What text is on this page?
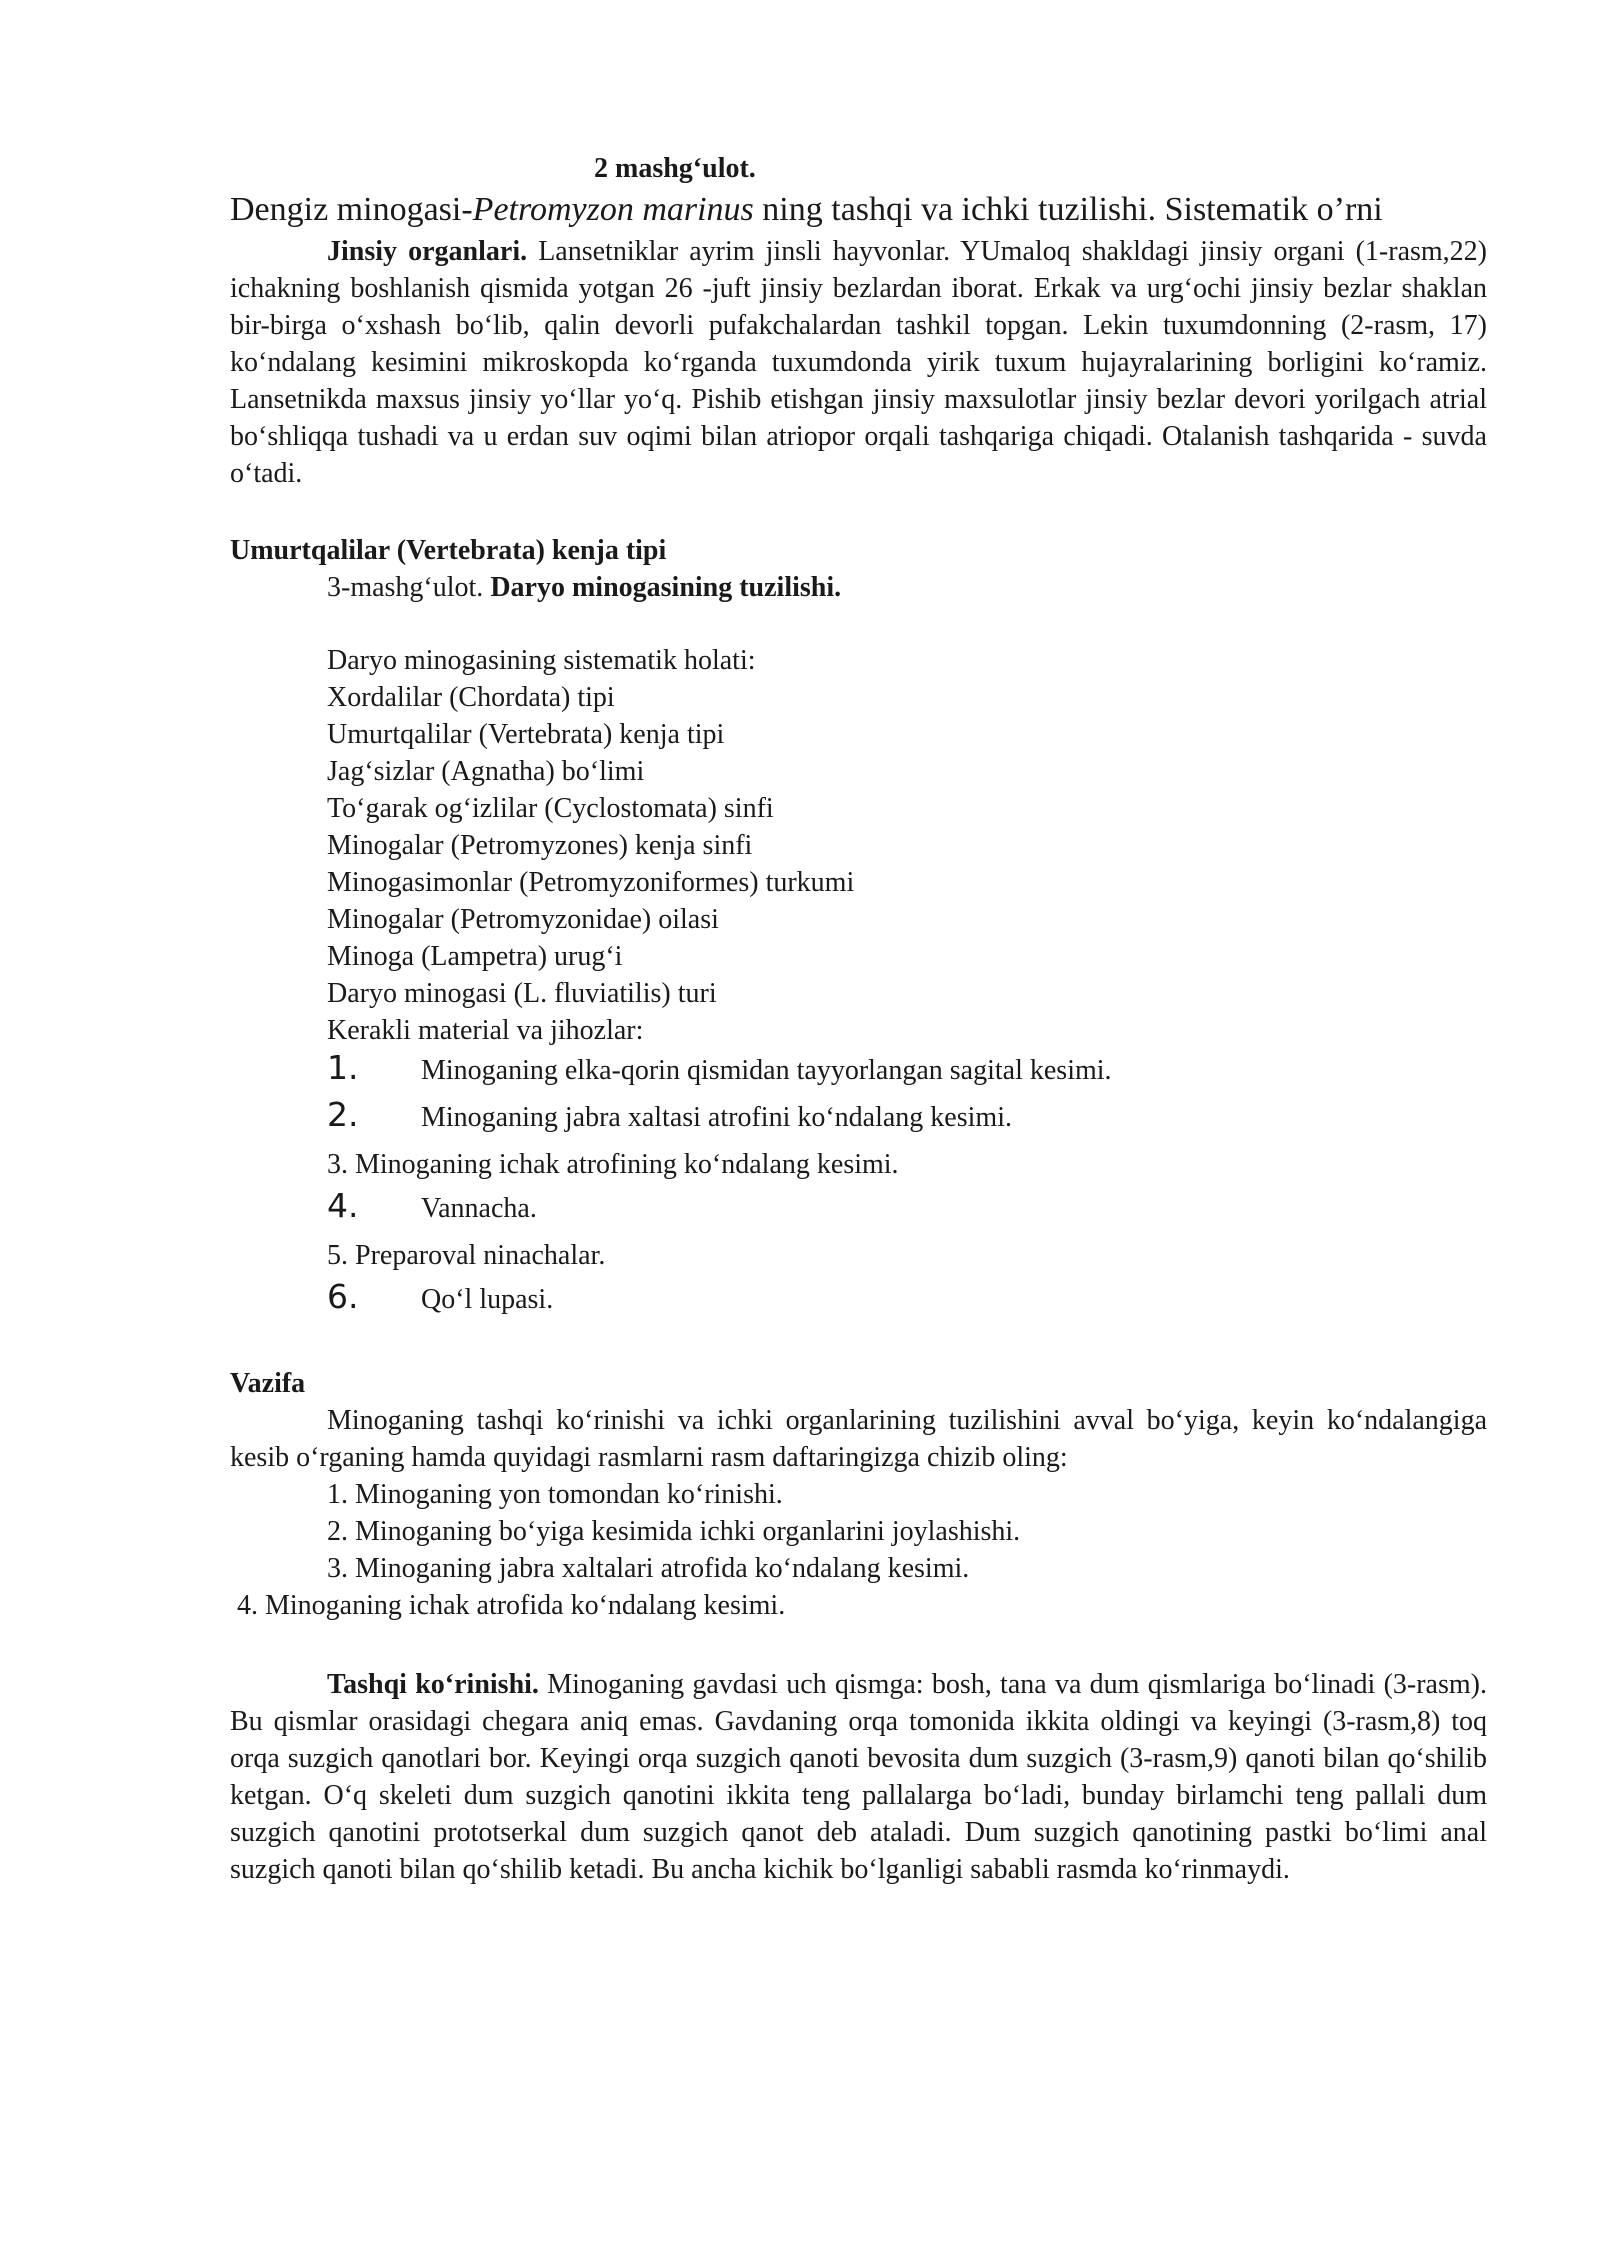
2 mashg‘ulot.

Dengiz minogasi-Petromyzon marinus ning tashqi va ichki tuzilishi. Sistematik o’rni

Jinsiy organlari. Lansetniklar ayrim jinsli hayvonlar. YUmaloq shakldagi jinsiy organi (1-rasm,22) ichakning boshlanish qismida yotgan 26 -juft jinsiy bezlardan iborat. Erkak va urg‘ochi jinsiy bezlar shaklan bir-birga o‘xshash bo‘lib, qalin devorli pufakchalardan tashkil topgan. Lekin tuxumdonning (2-rasm, 17) ko‘ndalang kesimini mikroskopda ko‘rganda tuxumdonda yirik tuxum hujayralarining borligini ko‘ramiz. Lansetnikda maxsus jinsiy yo‘llar yo‘q. Pishib etishgan jinsiy maxsulotlar jinsiy bezlar devori yorilgach atrial bo‘shliqqa tushadi va u erdan suv oqimi bilan atriopor orqali tashqariga chiqadi. Otalanish tashqarida - suvda o‘tadi.

Umurtqalilar (Vertebrata) kenja tipi

3-mashg‘ulot. Daryo minogasining tuzilishi.

Daryo minogasining sistematik holati:

Xordalilar (Chordata) tipi

Umurtqalilar (Vertebrata) kenja tipi

Jag‘sizlar (Agnatha) bo‘limi

To‘garak og‘izlilar (Cyclostomata) sinfi

Minogalar (Petromyzones) kenja sinfi

Minogasimonlar (Petromyzoniformes) turkumi

Minogalar (Petromyzonidae) oilasi

Minoga (Lampetra) urug‘i

Daryo minogasi (L. fluviatilis) turi

Kerakli material va jihozlar:

1.	Minoganing elka-qorin qismidan tayyorlangan sagital kesimi.
2.	Minoganing jabra xaltasi atrofini ko‘ndalang kesimi.

3. Minoganing ichak atrofining ko‘ndalang kesimi.

4.	Vannacha.

5. Preparoval ninachalar.

6.	Qo‘l lupasi.

Vazifa

Minoganing tashqi ko‘rinishi va ichki organlarining tuzilishini avval bo‘yiga, keyin ko‘ndalangiga kesib o‘rganing hamda quyidagi rasmlarni rasm daftaringizga chizib oling:

1. Minoganing yon tomondan ko‘rinishi.

2. Minoganing bo‘yiga kesimida ichki organlarini joylashishi.

3. Minoganing jabra xaltalari atrofida ko‘ndalang kesimi.

4. Minoganing ichak atrofida ko‘ndalang kesimi.

Tashqi ko‘rinishi. Minoganing gavdasi uch qismga: bosh, tana va dum qismlariga bo‘linadi (3-rasm). Bu qismlar orasidagi chegara aniq emas. Gavdaning orqa tomonida ikkita oldingi va keyingi (3-rasm,8) toq orqa suzgich qanotlari bor. Keyingi orqa suzgich qanoti bevosita dum suzgich (3-rasm,9) qanoti bilan qo‘shilib ketgan. O‘q skeleti dum suzgich qanotini ikkita teng pallalarga bo‘ladi, bunday birlamchi teng pallali dum suzgich qanotini prototserkal dum suzgich qanot deb ataladi. Dum suzgich qanotining pastki bo‘limi anal suzgich qanoti bilan qo‘shilib ketadi. Bu ancha kichik bo‘lganligi sababli rasmda ko‘rinmaydi.
